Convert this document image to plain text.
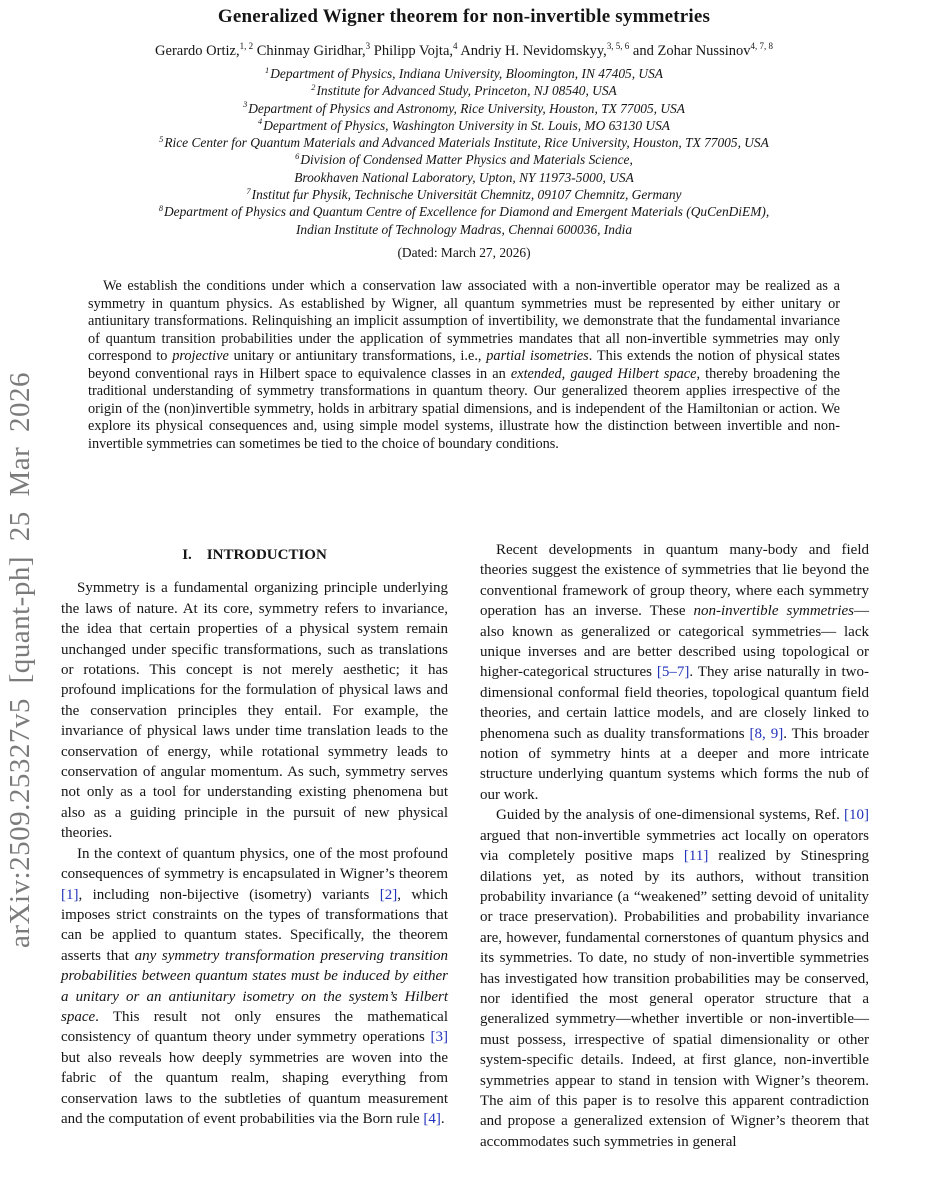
arXiv:2509.25327v5 [quant-ph] 25 Mar 2026
Generalized Wigner theorem for non-invertible symmetries
Gerardo Ortiz,$^{1, 2}$ Chinmay Giridhar,$^3$ Philipp Vojta,$^4$ Andriy H. Nevidomskyy,$^{3, 5, 6}$ and Zohar Nussinov$^{4, 7, 8}$
$^1$Department of Physics, Indiana University, Bloomington, IN 47405, USA
$^2$Institute for Advanced Study, Princeton, NJ 08540, USA
$^3$Department of Physics and Astronomy, Rice University, Houston, TX 77005, USA
$^4$Department of Physics, Washington University in St. Louis, MO 63130 USA
$^5$Rice Center for Quantum Materials and Advanced Materials Institute, Rice University, Houston, TX 77005, USA
$^6$Division of Condensed Matter Physics and Materials Science,
Brookhaven National Laboratory, Upton, NY 11973-5000, USA
$^7$Institut fur Physik, Technische Universität Chemnitz, 09107 Chemnitz, Germany
$^8$Department of Physics and Quantum Centre of Excellence for Diamond and Emergent Materials (QuCenDiEM),
Indian Institute of Technology Madras, Chennai 600036, India
(Dated: March 27, 2026)
We establish the conditions under which a conservation law associated with a non-invertible operator may be realized as a symmetry in quantum physics. As established by Wigner, all quantum symmetries must be represented by either unitary or antiunitary transformations. Relinquishing an implicit assumption of invertibility, we demonstrate that the fundamental invariance of quantum transition probabilities under the application of symmetries mandates that all non-invertible symmetries may only correspond to projective unitary or antiunitary transformations, i.e., partial isometries. This extends the notion of physical states beyond conventional rays in Hilbert space to equivalence classes in an extended, gauged Hilbert space, thereby broadening the traditional understanding of symmetry transformations in quantum theory. Our generalized theorem applies irrespective of the origin of the (non)invertible symmetry, holds in arbitrary spatial dimensions, and is independent of the Hamiltonian or action. We explore its physical consequences and, using simple model systems, illustrate how the distinction between invertible and non-invertible symmetries can sometimes be tied to the choice of boundary conditions.
I. INTRODUCTION

Symmetry is a fundamental organizing principle underlying the laws of nature. At its core, symmetry refers to invariance, the idea that certain properties of a physical system remain unchanged under specific transformations, such as translations or rotations. This concept is not merely aesthetic; it has profound implications for the formulation of physical laws and the conservation principles they entail. For example, the invariance of physical laws under time translation leads to the conservation of energy, while rotational symmetry leads to conservation of angular momentum. As such, symmetry serves not only as a tool for understanding existing phenomena but also as a guiding principle in the pursuit of new physical theories.

In the context of quantum physics, one of the most profound consequences of symmetry is encapsulated in Wigner’s theorem [1], including non-bijective (isometry) variants [2], which imposes strict constraints on the types of transformations that can be applied to quantum states. Specifically, the theorem asserts that any symmetry transformation preserving transition probabilities between quantum states must be induced by either a unitary or an antiunitary isometry on the system’s Hilbert space. This result not only ensures the mathematical consistency of quantum theory under symmetry operations [3] but also reveals how deeply symmetries are woven into the fabric of the quantum realm, shaping everything from conservation laws to the subtleties of quantum measurement and the computation of event probabilities via the Born rule [4].

Recent developments in quantum many-body and field theories suggest the existence of symmetries that lie beyond the conventional framework of group theory, where each symmetry operation has an inverse. These non-invertible symmetries— also known as generalized or categorical symmetries— lack unique inverses and are better described using topological or higher-categorical structures [5–7]. They arise naturally in two-dimensional conformal field theories, topological quantum field theories, and certain lattice models, and are closely linked to phenomena such as duality transformations [8, 9]. This broader notion of symmetry hints at a deeper and more intricate structure underlying quantum systems which forms the nub of our work.

Guided by the analysis of one-dimensional systems, Ref. [10] argued that non-invertible symmetries act locally on operators via completely positive maps [11] realized by Stinespring dilations yet, as noted by its authors, without transition probability invariance (a “weakened” setting devoid of unitality or trace preservation). Probabilities and probability invariance are, however, fundamental cornerstones of quantum physics and its symmetries. To date, no study of non-invertible symmetries has investigated how transition probabilities may be conserved, nor identified the most general operator structure that a generalized symmetry—whether invertible or non-invertible—must possess, irrespective of spatial dimensionality or other system-specific details. Indeed, at first glance, non-invertible symmetries appear to stand in tension with Wigner’s theorem. The aim of this paper is to resolve this apparent contradiction and propose a generalized extension of Wigner’s theorem that accommodates such symmetries in general
